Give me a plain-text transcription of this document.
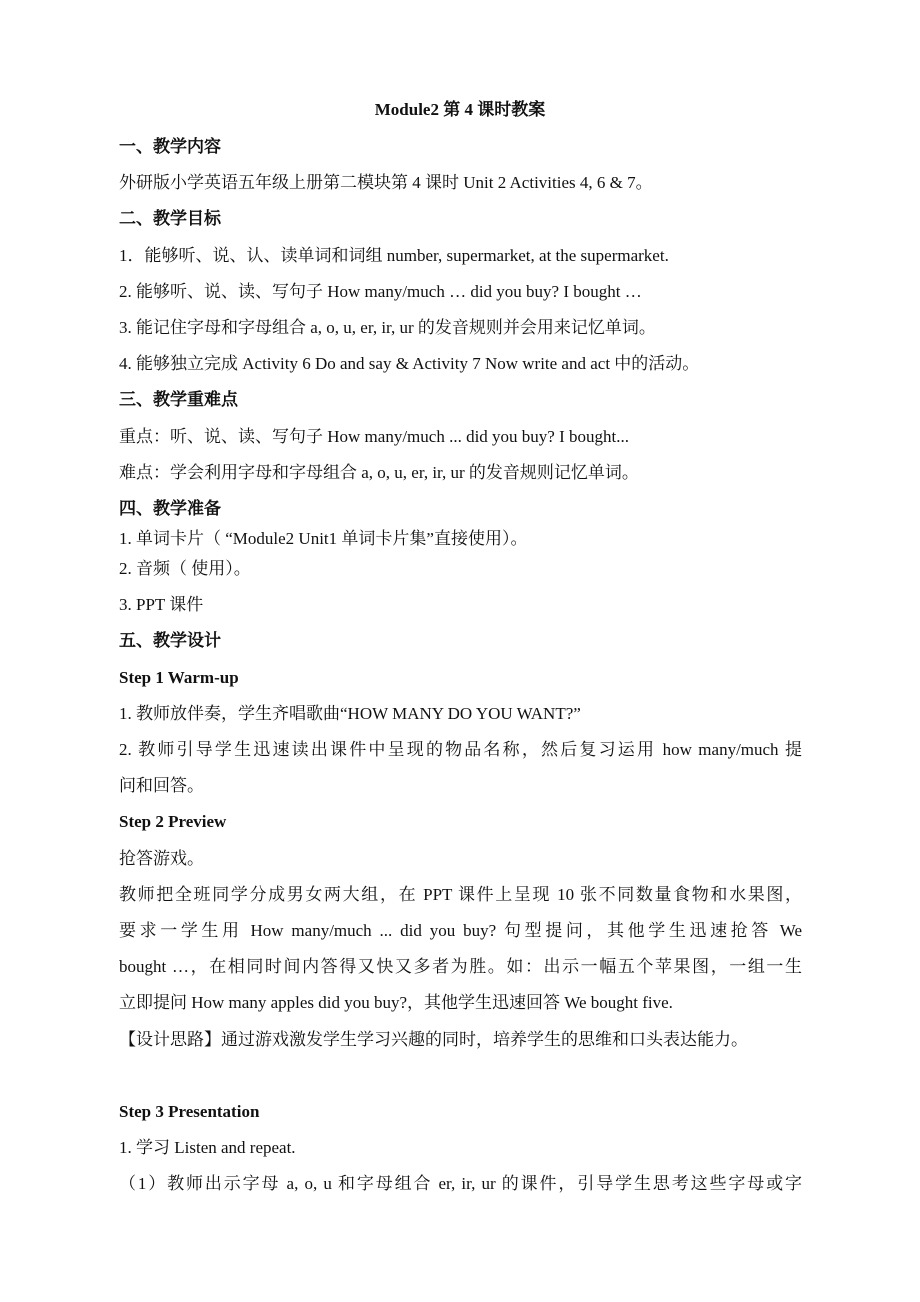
Module2 第 4 课时教案
一、教学内容
外研版小学英语五年级上册第二模块第 4 课时 Unit 2 Activities 4, 6 & 7。
二、教学目标
1．能够听、说、认、读单词和词组 number, supermarket, at the supermarket.
2. 能够听、说、读、写句子 How many/much … did you buy? I bought …
3. 能记住字母和字母组合 a, o, u, er, ir, ur 的发音规则并会用来记忆单词。
4. 能够独立完成 Activity 6 Do and say & Activity 7 Now write and act 中的活动。
三、教学重难点
重点：听、说、读、写句子 How many/much ... did you buy? I bought...
难点：学会利用字母和字母组合 a, o, u, er, ir, ur 的发音规则记忆单词。
四、教学准备
1. 单词卡片（ “Module2 Unit1 单词卡片集”直接使用）。
2. 音频（ 使用）。
3. PPT 课件
五、教学设计
Step 1 Warm-up
1. 教师放伴奏，学生齐唱歌曲“HOW MANY DO YOU WANT?”
2. 教师引导学生迅速读出课件中呈现的物品名称，然后复习运用 how many/much 提
问和回答。
Step 2 Preview
抢答游戏。
教师把全班同学分成男女两大组，在 PPT 课件上呈现 10 张不同数量食物和水果图，
要求一学生用 How many/much ... did you buy? 句型提问，其他学生迅速抢答 We
bought …，在相同时间内答得又快又多者为胜。如：出示一幅五个苹果图，一组一生
立即提问 How many apples did you buy?，其他学生迅速回答 We bought five.
【设计思路】通过游戏激发学生学习兴趣的同时，培养学生的思维和口头表达能力。
Step 3 Presentation
1. 学习 Listen and repeat.
（1）教师出示字母 a, o, u 和字母组合 er, ir, ur 的课件，引导学生思考这些字母或字
